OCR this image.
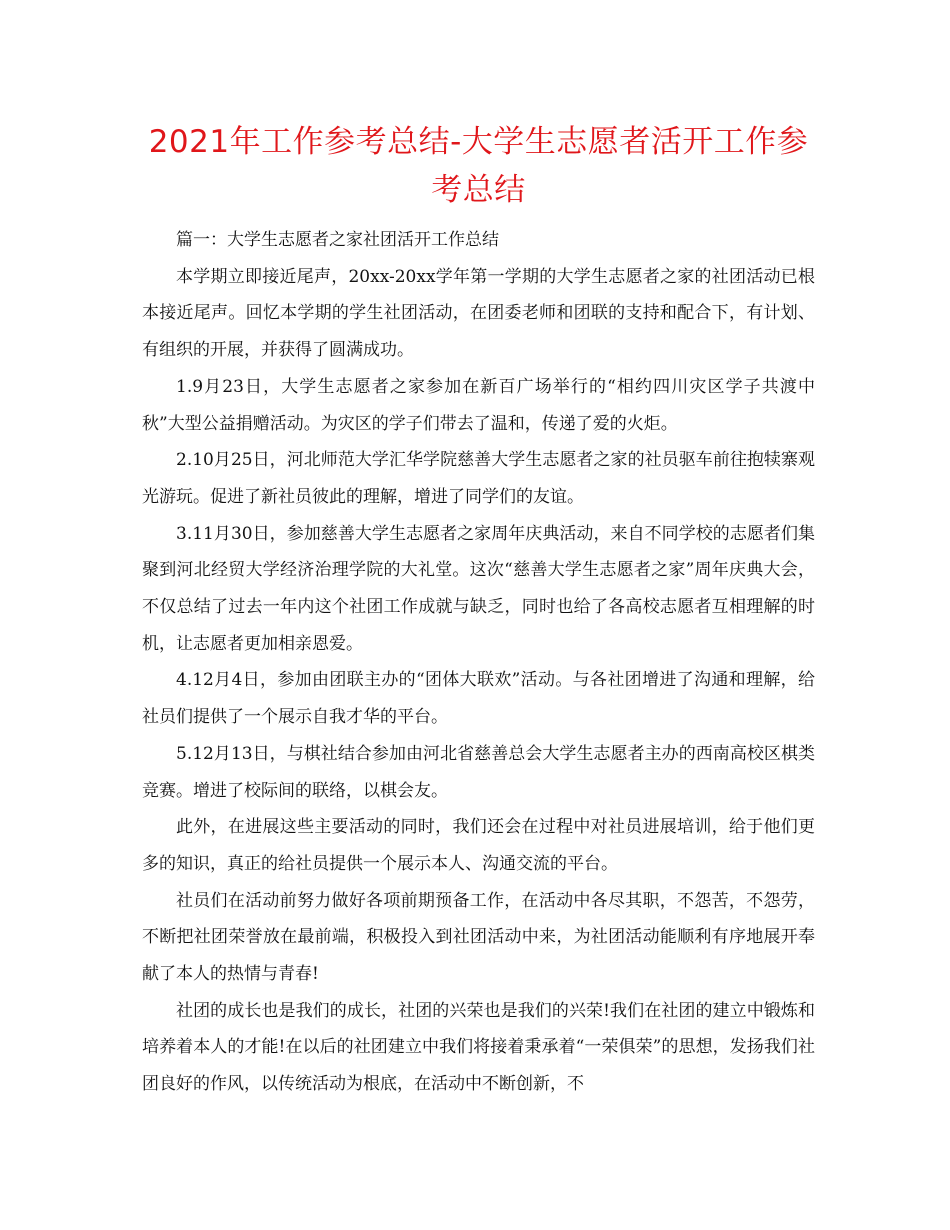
2021年工作参考总结-大学生志愿者活开工作参考总结

篇一：大学生志愿者之家社团活开工作总结

本学期立即接近尾声，20xx-20xx学年第一学期的大学生志愿者之家的社团活动已根本接近尾声。回忆本学期的学生社团活动，在团委老师和团联的支持和配合下，有计划、有组织的开展，并获得了圆满成功。

1.9月23日，大学生志愿者之家参加在新百广场举行的“相约四川灾区学子共渡中秋”大型公益捐赠活动。为灾区的学子们带去了温和，传递了爱的火炬。

2.10月25日，河北师范大学汇华学院慈善大学生志愿者之家的社员驱车前往抱犊寨观光游玩。促进了新社员彼此的理解，增进了同学们的友谊。

3.11月30日，参加慈善大学生志愿者之家周年庆典活动，来自不同学校的志愿者们集聚到河北经贸大学经济治理学院的大礼堂。这次“慈善大学生志愿者之家”周年庆典大会，不仅总结了过去一年内这个社团工作成就与缺乏，同时也给了各高校志愿者互相理解的时机，让志愿者更加相亲恩爱。

4.12月4日，参加由团联主办的“团体大联欢”活动。与各社团增进了沟通和理解，给社员们提供了一个展示自我才华的平台。

5.12月13日，与棋社结合参加由河北省慈善总会大学生志愿者主办的西南高校区棋类竞赛。增进了校际间的联络，以棋会友。

此外，在进展这些主要活动的同时，我们还会在过程中对社员进展培训，给于他们更多的知识，真正的给社员提供一个展示本人、沟通交流的平台。

社员们在活动前努力做好各项前期预备工作，在活动中各尽其职，不怨苦，不怨劳，不断把社团荣誉放在最前端，积极投入到社团活动中来，为社团活动能顺利有序地展开奉献了本人的热情与青春!

社团的成长也是我们的成长，社团的兴荣也是我们的兴荣!我们在社团的建立中锻炼和培养着本人的才能!在以后的社团建立中我们将接着秉承着“一荣俱荣”的思想，发扬我们社团良好的作风，以传统活动为根底，在活动中不断创新，不
